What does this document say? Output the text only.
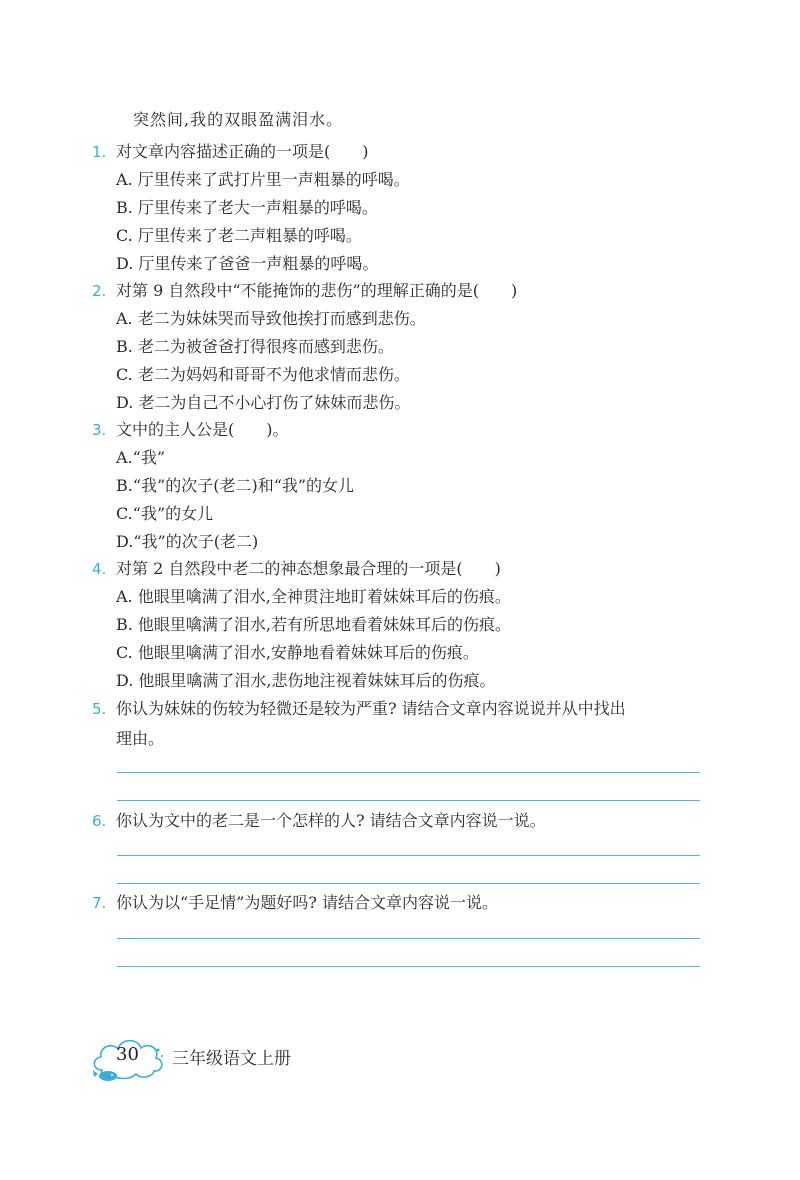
突然间,我的双眼盈满泪水。
1. 对文章内容描述正确的一项是(　　)
A. 厅里传来了武打片里一声粗暴的呼喝。
B. 厅里传来了老大一声粗暴的呼喝。
C. 厅里传来了老二声粗暴的呼喝。
D. 厅里传来了爸爸一声粗暴的呼喝。
2. 对第 9 自然段中“不能掩饰的悲伤”的理解正确的是(　　)
A. 老二为妹妹哭而导致他挨打而感到悲伤。
B. 老二为被爸爸打得很疼而感到悲伤。
C. 老二为妈妈和哥哥不为他求情而悲伤。
D. 老二为自己不小心打伤了妹妹而悲伤。
3. 文中的主人公是(　　)。
A.“我”
B.“我”的次子(老二)和“我”的女儿
C.“我”的女儿
D.“我”的次子(老二)
4. 对第 2 自然段中老二的神态想象最合理的一项是(　　)
A. 他眼里噙满了泪水,全神贯注地盯着妹妹耳后的伤痕。
B. 他眼里噙满了泪水,若有所思地看着妹妹耳后的伤痕。
C. 他眼里噙满了泪水,安静地看着妹妹耳后的伤痕。
D. 他眼里噙满了泪水,悲伤地注视着妹妹耳后的伤痕。
5. 你认为妹妹的伤较为轻微还是较为严重? 请结合文章内容说说并从中找出
理由。
6. 你认为文中的老二是一个怎样的人? 请结合文章内容说一说。
7. 你认为以“手足情”为题好吗? 请结合文章内容说一说。
30 三年级语文上册
